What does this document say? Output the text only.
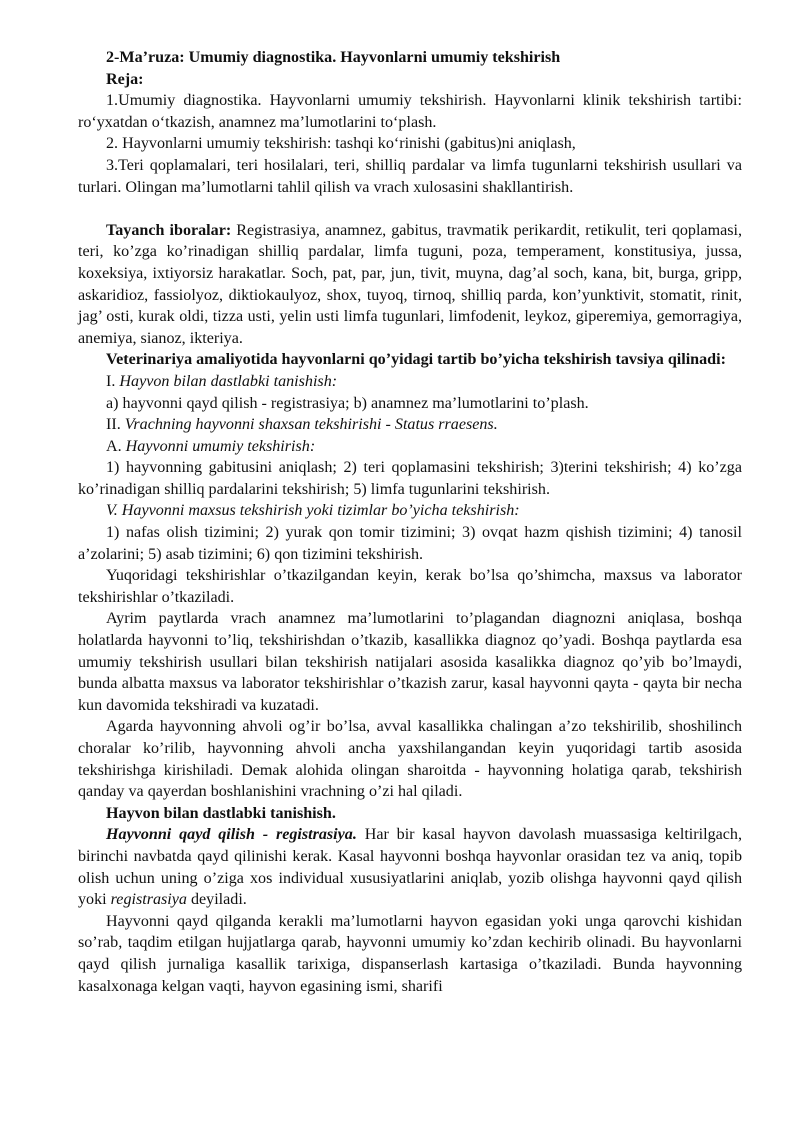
2-Ma’ruza: Umumiy diagnostika. Hayvonlarni umumiy tekshirish

Reja:

1.Umumiy diagnostika. Hayvonlarni umumiy tekshirish. Hayvonlarni klinik tekshirish tartibi: ro‘yxatdan o‘tkazish, anamnez ma’lumotlarini to‘plash.

2. Hayvonlarni umumiy tekshirish: tashqi ko‘rinishi (gabitus)ni aniqlash,

3.Teri qoplamalari, teri hosilalari, teri, shilliq pardalar va limfa tugunlarni tekshirish usullari va turlari. Olingan ma’lumotlarni tahlil qilish va vrach xulosasini shakllantirish.

Tayanch iboralar: Registrasiya, anamnez, gabitus, travmatik perikardit, retikulit, teri qoplamasi, teri, ko’zga ko’rinadigan shilliq pardalar, limfa tuguni, poza, temperament, konstitusiya, jussa, koxeksiya, ixtiyorsiz harakatlar. Soch, pat, par, jun, tivit, muyna, dag’al soch, kana, bit, burga, gripp, askaridioz, fassiolyoz, diktiokaulyoz, shox, tuyoq, tirnoq, shilliq parda, kon’yunktivit, stomatit, rinit, jag’ osti, kurak oldi, tizza usti, yelin usti limfa tugunlari, limfodenit, leykoz, giperemiya, gemorragiya, anemiya, sianoz, ikteriya.

Veterinariya amaliyotida hayvonlarni qo’yidagi tartib bo’yicha tekshirish tavsiya qilinadi:

I. Hayvon bilan dastlabki tanishish:

a) hayvonni qayd qilish - registrasiya; b) anamnez ma’lumotlarini to’plash.

II. Vrachning hayvonni shaxsan tekshirishi - Status rraesens.

A. Hayvonni umumiy tekshirish:

1) hayvonning gabitusini aniqlash; 2) teri qoplamasini tekshirish; 3)terini tekshirish; 4) ko’zga ko’rinadigan shilliq pardalarini tekshirish; 5) limfa tugunlarini tekshirish.

V. Hayvonni maxsus tekshirish yoki tizimlar bo’yicha tekshirish:

1) nafas olish tizimini; 2) yurak qon tomir tizimini; 3) ovqat hazm qishish tizimini; 4) tanosil a’zolarini; 5) asab tizimini; 6) qon tizimini tekshirish.

Yuqoridagi tekshirishlar o’tkazilgandan keyin, kerak bo’lsa qo’shimcha, maxsus va laborator tekshirishlar o’tkaziladi.

Ayrim paytlarda vrach anamnez ma’lumotlarini to’plagandan diagnozni aniqlasa, boshqa holatlarda hayvonni to’liq, tekshirishdan o’tkazib, kasallikka diagnoz qo’yadi. Boshqa paytlarda esa umumiy tekshirish usullari bilan tekshirish natijalari asosida kasalikka diagnoz qo’yib bo’lmaydi, bunda albatta maxsus va laborator tekshirishlar o’tkazish zarur, kasal hayvonni qayta - qayta bir necha kun davomida tekshiradi va kuzatadi.

Agarda hayvonning ahvoli og’ir bo’lsa, avval kasallikka chalingan a’zo tekshirilib, shoshilinch choralar ko’rilib, hayvonning ahvoli ancha yaxshilangandan keyin yuqoridagi tartib asosida tekshirishga kirishiladi. Demak alohida olingan sharoitda - hayvonning holatiga qarab, tekshirish qanday va qayerdan boshlanishini vrachning o’zi hal qiladi.

Hayvon bilan dastlabki tanishish.

Hayvonni qayd qilish - registrasiya. Har bir kasal hayvon davolash muassasiga keltirilgach, birinchi navbatda qayd qilinishi kerak. Kasal hayvonni boshqa hayvonlar orasidan tez va aniq, topib olish uchun uning o’ziga xos individual xususiyatlarini aniqlab, yozib olishga hayvonni qayd qilish yoki registrasiya deyiladi.

Hayvonni qayd qilganda kerakli ma’lumotlarni hayvon egasidan yoki unga qarovchi kishidan so’rab, taqdim etilgan hujjatlarga qarab, hayvonni umumiy ko’zdan kechirib olinadi. Bu hayvonlarni qayd qilish jurnaliga kasallik tarixiga, dispanserlash kartasiga o’tkaziladi. Bunda hayvonning kasalxonaga kelgan vaqti, hayvon egasining ismi, sharifi
